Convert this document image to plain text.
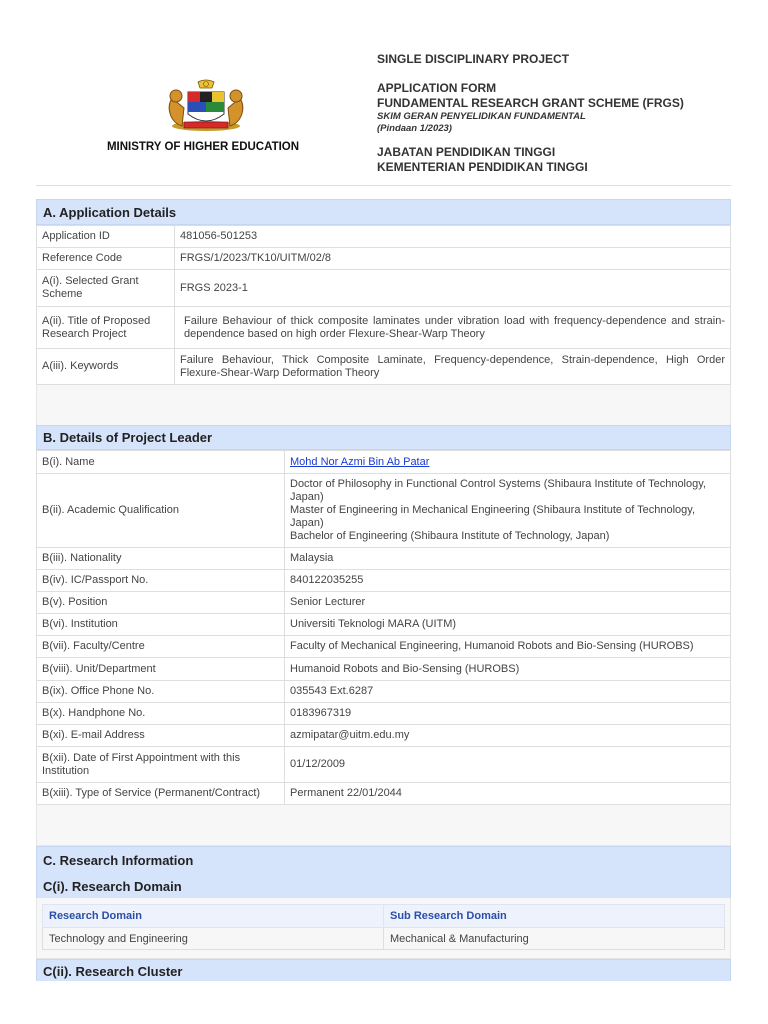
MINISTRY OF HIGHER EDUCATION
SINGLE DISCIPLINARY PROJECT
APPLICATION FORM
FUNDAMENTAL RESEARCH GRANT SCHEME (FRGS)
SKIM GERAN PENYELIDIKAN FUNDAMENTAL
(Pindaan 1/2023)
JABATAN PENDIDIKAN TINGGI
KEMENTERIAN PENDIDIKAN TINGGI
A. Application Details
Application ID	481056-501253
Reference Code	FRGS/1/2023/TK10/UITM/02/8
A(i). Selected Grant Scheme	FRGS 2023-1
A(ii). Title of Proposed Research Project	Failure Behaviour of thick composite laminates under vibration load with frequency-dependence and strain-dependence based on high order Flexure-Shear-Warp Theory
A(iii). Keywords	Failure Behaviour, Thick Composite Laminate, Frequency-dependence, Strain-dependence, High Order Flexure-Shear-Warp Deformation Theory
B. Details of Project Leader
B(i). Name	Mohd Nor Azmi Bin Ab Patar
B(ii). Academic Qualification	Doctor of Philosophy in Functional Control Systems (Shibaura Institute of Technology, Japan)
Master of Engineering in Mechanical Engineering (Shibaura Institute of Technology, Japan)
Bachelor of Engineering (Shibaura Institute of Technology, Japan)

B(iii). Nationality	Malaysia
B(iv). IC/Passport No.	840122035255
B(v). Position	Senior Lecturer
B(vi). Institution	Universiti Teknologi MARA (UITM)
B(vii). Faculty/Centre	Faculty of Mechanical Engineering, Humanoid Robots and Bio-Sensing (HUROBS)
B(viii). Unit/Department	Humanoid Robots and Bio-Sensing (HUROBS)
B(ix). Office Phone No.	035543 Ext.6287
B(x). Handphone No.	0183967319
B(xi). E-mail Address	azmipatar@uitm.edu.my
B(xii). Date of First Appointment with this Institution	01/12/2009
B(xiii). Type of Service (Permanent/Contract)	Permanent 22/01/2044
C. Research Information
C(i). Research Domain
Research Domain	Sub Research Domain
Technology and Engineering	Mechanical & Manufacturing
C(ii). Research Cluster
